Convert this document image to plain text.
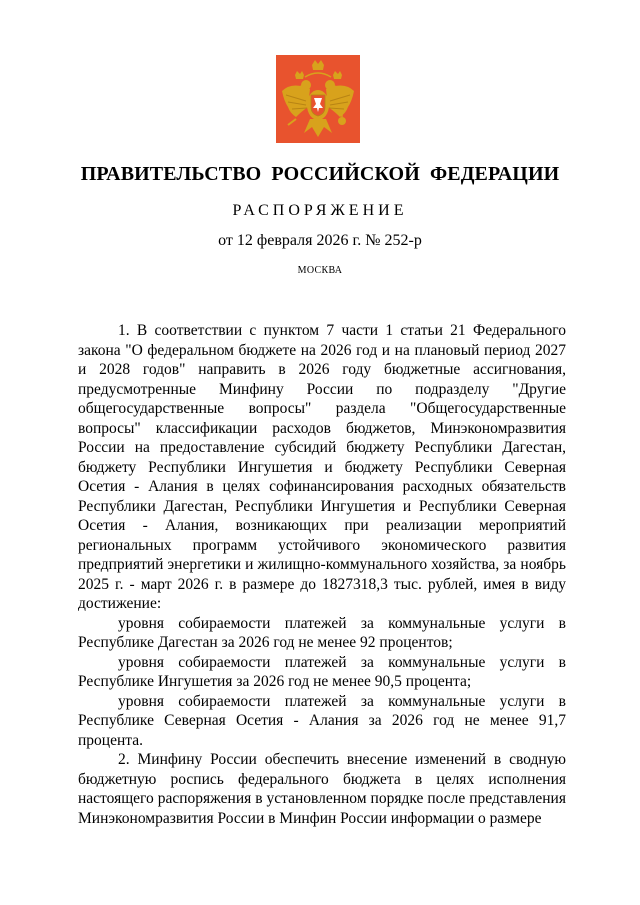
ПРАВИТЕЛЬСТВО РОССИЙСКОЙ ФЕДЕРАЦИИ
РАСПОРЯЖЕНИЕ
от 12 февраля 2026 г. № 252-р
МОСКВА

1. В соответствии с пунктом 7 части 1 статьи 21 Федерального закона "О федеральном бюджете на 2026 год и на плановый период 2027 и 2028 годов" направить в 2026 году бюджетные ассигнования, предусмотренные Минфину России по подразделу "Другие общегосударственные вопросы" раздела "Общегосударственные вопросы" классификации расходов бюджетов, Минэкономразвития России на предоставление субсидий бюджету Республики Дагестан, бюджету Республики Ингушетия и бюджету Республики Северная Осетия - Алания в целях софинансирования расходных обязательств Республики Дагестан, Республики Ингушетия и Республики Северная Осетия - Алания, возникающих при реализации мероприятий региональных программ устойчивого экономического развития предприятий энергетики и жилищно-коммунального хозяйства, за ноябрь 2025 г. - март 2026 г. в размере до 1827318,3 тыс. рублей, имея в виду достижение:

уровня собираемости платежей за коммунальные услуги в Республике Дагестан за 2026 год не менее 92 процентов;

уровня собираемости платежей за коммунальные услуги в Республике Ингушетия за 2026 год не менее 90,5 процента;

уровня собираемости платежей за коммунальные услуги в Республике Северная Осетия - Алания за 2026 год не менее 91,7 процента.

2. Минфину России обеспечить внесение изменений в сводную бюджетную роспись федерального бюджета в целях исполнения настоящего распоряжения в установленном порядке после представления Минэкономразвития России в Минфин России информации о размере
